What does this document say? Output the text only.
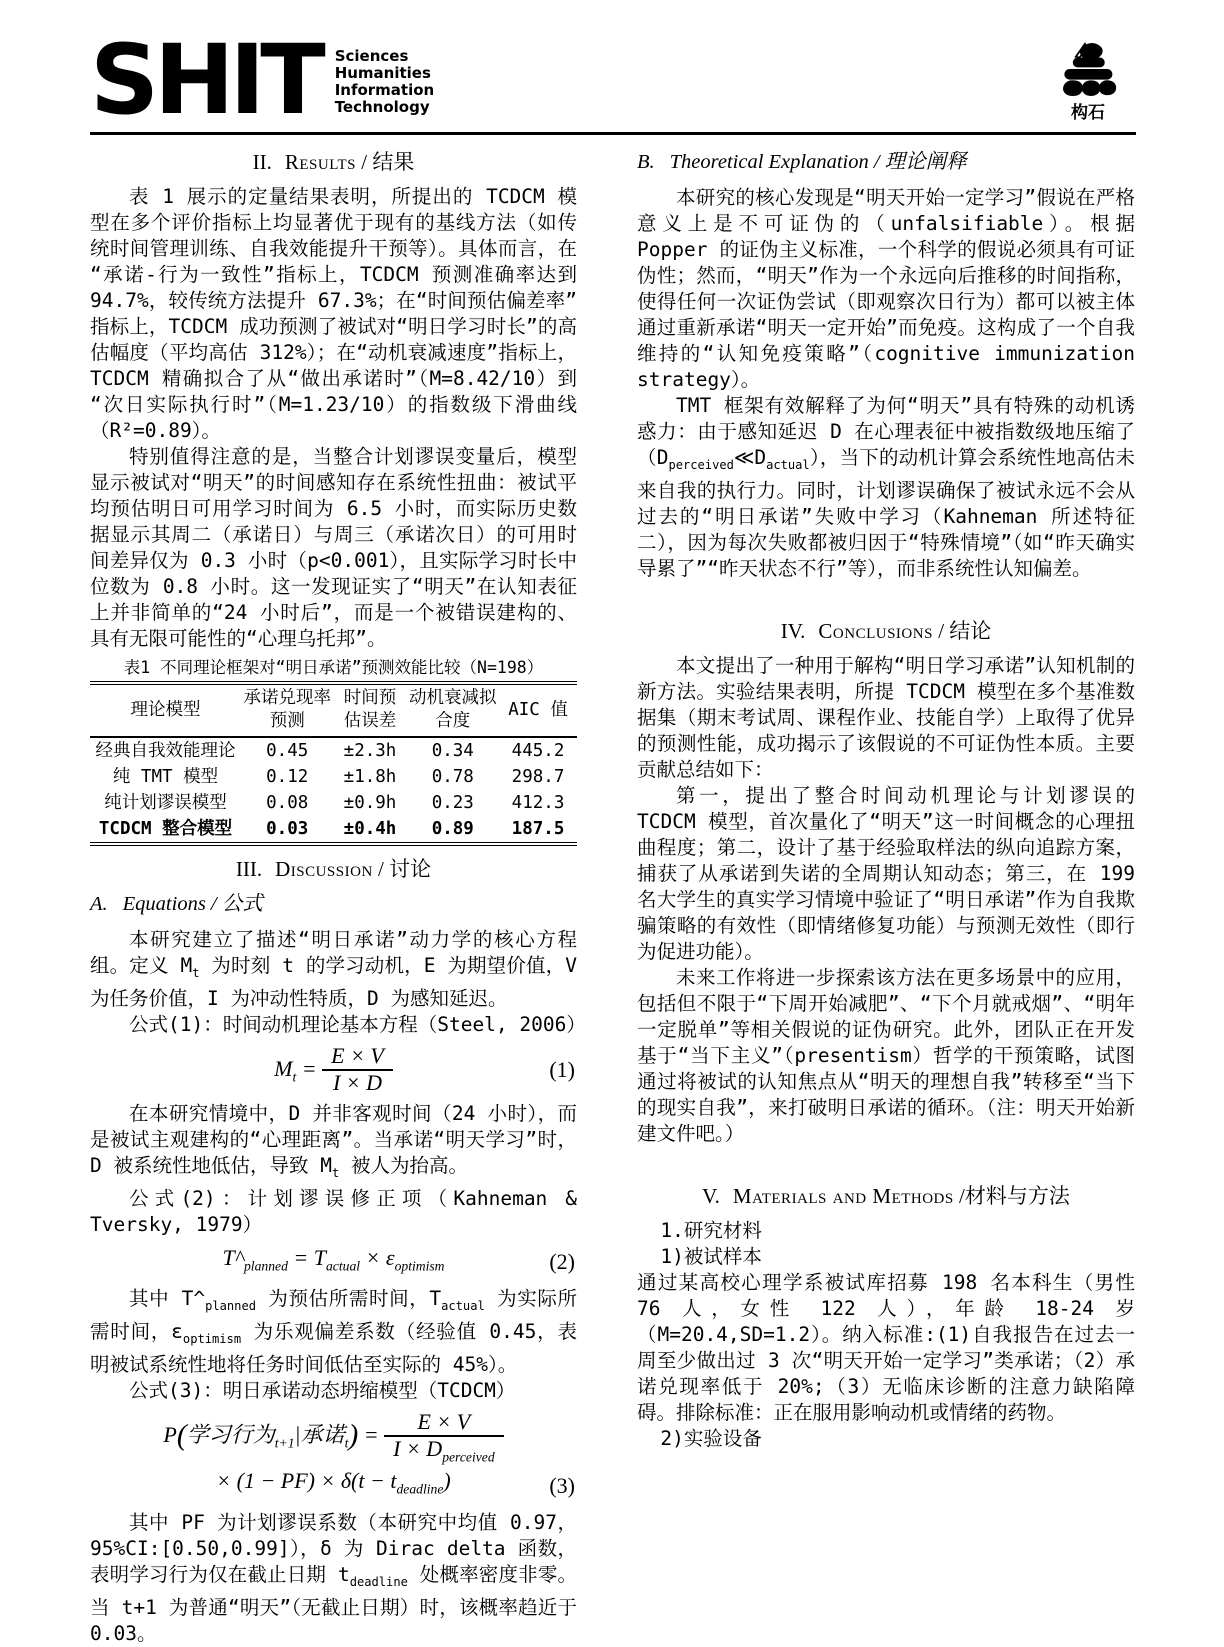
SHIT Sciences
Humanities
Information
Technology	构石
II. Results / 结果

表 1 展示的定量结果表明，所提出的 TCDCM 模型在多个评价指标上均显著优于现有的基线方法（如传统时间管理训练、自我效能提升干预等）。具体而言，在“承诺-行为一致性”指标上，TCDCM 预测准确率达到 94.7%，较传统方法提升 67.3%；在“时间预估偏差率”指标上，TCDCM 成功预测了被试对“明日学习时长”的高估幅度（平均高估 312%）；在“动机衰减速度”指标上，TCDCM 精确拟合了从“做出承诺时”（M=8.42/10）到“次日实际执行时”（M=1.23/10）的指数级下滑曲线（R²=0.89）。

特别值得注意的是，当整合计划谬误变量后，模型显示被试对“明天”的时间感知存在系统性扭曲：被试平均预估明日可用学习时间为 6.5 小时，而实际历史数据显示其周二（承诺日）与周三（承诺次日）的可用时间差异仅为 0.3 小时（p<0.001），且实际学习时长中位数为 0.8 小时。这一发现证实了“明天”在认知表征上并非简单的“24 小时后”，而是一个被错误建构的、具有无限可能性的“心理乌托邦”。

表1 不同理论框架对“明日承诺”预测效能比较（N=198）
理论模型	承诺兑现率预测	时间预估误差	动机衰减拟合度	AIC 值
经典自我效能理论	0.45	±2.3h	0.34	445.2
纯 TMT 模型	0.12	±1.8h	0.78	298.7
纯计划谬误模型	0.08	±0.9h	0.23	412.3
TCDCM 整合模型	0.03	±0.4h	0.89	187.5
III. Discussion / 讨论
A. Equations / 公式

本研究建立了描述“明日承诺”动力学的核心方程组。定义 $M_t$ 为时刻 t 的学习动机，E 为期望价值，V 为任务价值，I 为冲动性特质，D 为感知延迟。

公式(1)：时间动机理论基本方程（Steel, 2006）

$M_t = \frac{E \times V}{I \times D}$	(1)

在本研究情境中，D 并非客观时间（24 小时），而是被试主观建构的“心理距离”。当承诺“明天学习”时，D 被系统性地低估，导致 $M_t$ 被人为抬高。

公式(2)：计划谬误修正项（Kahneman & Tversky, 1979）

$T\^{}_{planned} = T_{actual} \times \varepsilon_{optimism}$	(2)

其中 $T\^{}_{planned}$ 为预估所需时间，$T_{actual}$ 为实际所需时间，$\varepsilon_{optimism}$ 为乐观偏差系数（经验值 0.45，表明被试系统性地将任务时间低估至实际的 45%）。

公式(3)：明日承诺动态坍缩模型（TCDCM）

P(学习行为$_{t+1}$|承诺$_t) = \frac{E \times V}{I \times D_{perceived}}$
× $(1 - PF) \times \delta(t - t_{deadline})$	(3)

其中 PF 为计划谬误系数（本研究中均值 0.97，95%CI:[0.50,0.99]），δ 为 Dirac delta 函数，表明学习行为仅在截止日期 $t_{deadline}$ 处概率密度非零。当 t+1 为普通“明天”（无截止日期）时，该概率趋近于 0.03。

B. Theoretical Explanation / 理论阐释

本研究的核心发现是“明天开始一定学习”假说在严格意义上是不可证伪的（unfalsifiable）。根据 Popper 的证伪主义标准，一个科学的假说必须具有可证伪性；然而，“明天”作为一个永远向后推移的时间指称，使得任何一次证伪尝试（即观察次日行为）都可以被主体通过重新承诺“明天一定开始”而免疫。这构成了一个自我维持的“认知免疫策略”（cognitive immunization strategy）。

TMT 框架有效解释了为何“明天”具有特殊的动机诱惑力：由于感知延迟 D 在心理表征中被指数级地压缩了$(D_{perceived}≪D_{actual})$，当下的动机计算会系统性地高估未来自我的执行力。同时，计划谬误确保了被试永远不会从过去的“明日承诺”失败中学习（Kahneman 所述特征二），因为每次失败都被归因于“特殊情境”（如“昨天确实导累了”“昨天状态不行”等），而非系统性认知偏差。

IV. Conclusions / 结论

本文提出了一种用于解构“明日学习承诺”认知机制的新方法。实验结果表明，所提 TCDCM 模型在多个基准数据集（期末考试周、课程作业、技能自学）上取得了优异的预测性能，成功揭示了该假说的不可证伪性本质。主要贡献总结如下：

第一，提出了整合时间动机理论与计划谬误的 TCDCM 模型，首次量化了“明天”这一时间概念的心理扭曲程度；第二，设计了基于经验取样法的纵向追踪方案，捕获了从承诺到失诺的全周期认知动态；第三，在 199 名大学生的真实学习情境中验证了“明日承诺”作为自我欺骗策略的有效性（即情绪修复功能）与预测无效性（即行为促进功能）。

未来工作将进一步探索该方法在更多场景中的应用，包括但不限于“下周开始减肥”、“下个月就戒烟”、“明年一定脱单”等相关假说的证伪研究。此外，团队正在开发基于“当下主义”（presentism）哲学的干预策略，试图通过将被试的认知焦点从“明天的理想自我”转移至“当下的现实自我”，来打破明日承诺的循环。（注：明天开始新建文件吧。）

V. Materials and Methods /材料与方法

1.研究材料

1)被试样本

通过某高校心理学系被试库招募 198 名本科生（男性 76 人，女性 122 人），年龄 18-24 岁（M=20.4,SD=1.2）。纳入标准:(1)自我报告在过去一周至少做出过 3 次“明天开始一定学习”类承诺；（2）承诺兑现率低于 20%;（3）无临床诊断的注意力缺陷障碍。排除标准：正在服用影响动机或情绪的药物。

2)实验设备
